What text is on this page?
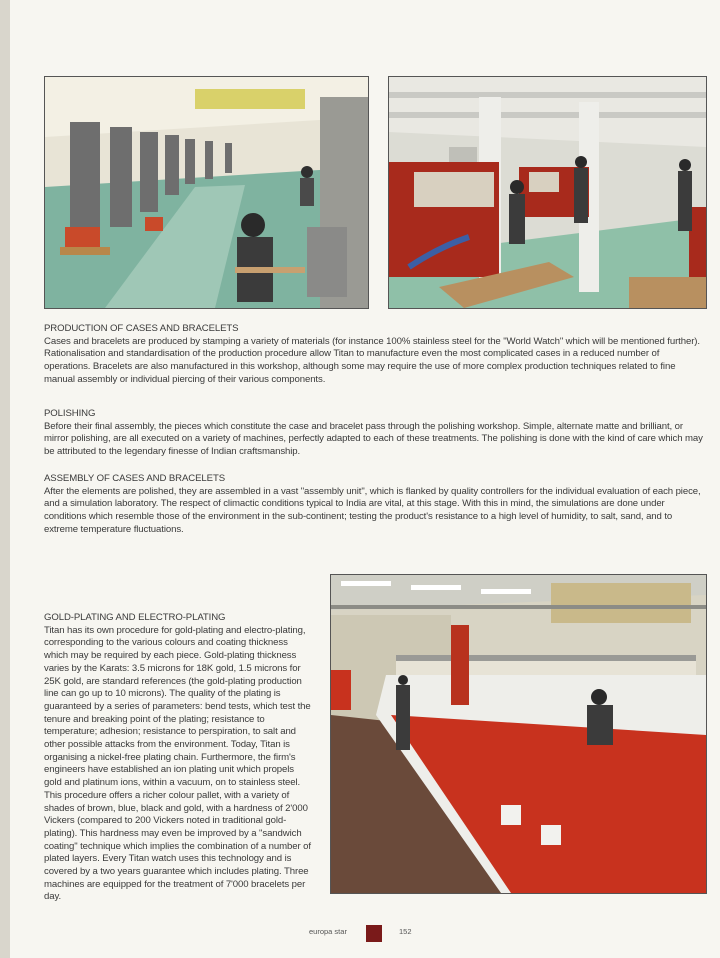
PRODUCTION OF CASES AND BRACELETS
Cases and bracelets are produced by stamping a variety of materials (for instance 100% stainless steel for the "World Watch" which will be mentioned further). Rationalisation and standardisation of the production procedure allow Titan to manufacture even the most complicated cases in a reduced number of operations. Bracelets are also manufactured in this workshop, although some may require the use of more complex production techniques related to fine manual assembly or individual piercing of their various components.
POLISHING
Before their final assembly, the pieces which constitute the case and bracelet pass through the polishing workshop. Simple, alternate matte and brilliant, or mirror polishing, are all executed on a variety of machines, perfectly adapted to each of these treatments. The polishing is done with the kind of care which may be attributed to the legendary finesse of Indian craftsmanship.
ASSEMBLY OF CASES AND BRACELETS
After the elements are polished, they are assembled in a vast "assembly unit", which is flanked by quality controllers for the individual evaluation of each piece, and a simulation laboratory. The respect of climactic conditions typical to India are vital, at this stage. With this in mind, the simulations are done under conditions which resemble those of the environment in the sub-continent; testing the product's resistance to a high level of humidity, to salt, sand, and to extreme temperature fluctuations.
GOLD-PLATING AND ELECTRO-PLATING
Titan has its own procedure for gold-plating and electro-plating, corresponding to the various colours and coating thickness which may be required by each piece. Gold-plating thickness varies by the Karats: 3.5 microns for 18K gold, 1.5 microns for 25K gold, are standard references (the gold-plating production line can go up to 10 microns). The quality of the plating is guaranteed by a series of parameters: bend tests, which test the tenure and breaking point of the plating; resistance to temperature; adhesion; resistance to perspiration, to salt and other possible attacks from the environment. Today, Titan is organising a nickel-free plating chain. Furthermore, the firm's engineers have established an ion plating unit which propels gold and platinum ions, within a vacuum, on to stainless steel. This procedure offers a richer colour pallet, with a variety of shades of brown, blue, black and gold, with a hardness of 2'000 Vickers (compared to 200 Vickers noted in traditional gold-plating). This hardness may even be improved by a "sandwich coating" technique which implies the combination of a number of plated layers. Every Titan watch uses this technology and is covered by a two years guarantee which includes plating. Three machines are equipped for the treatment of 7'000 bracelets per day.
europa star	152
